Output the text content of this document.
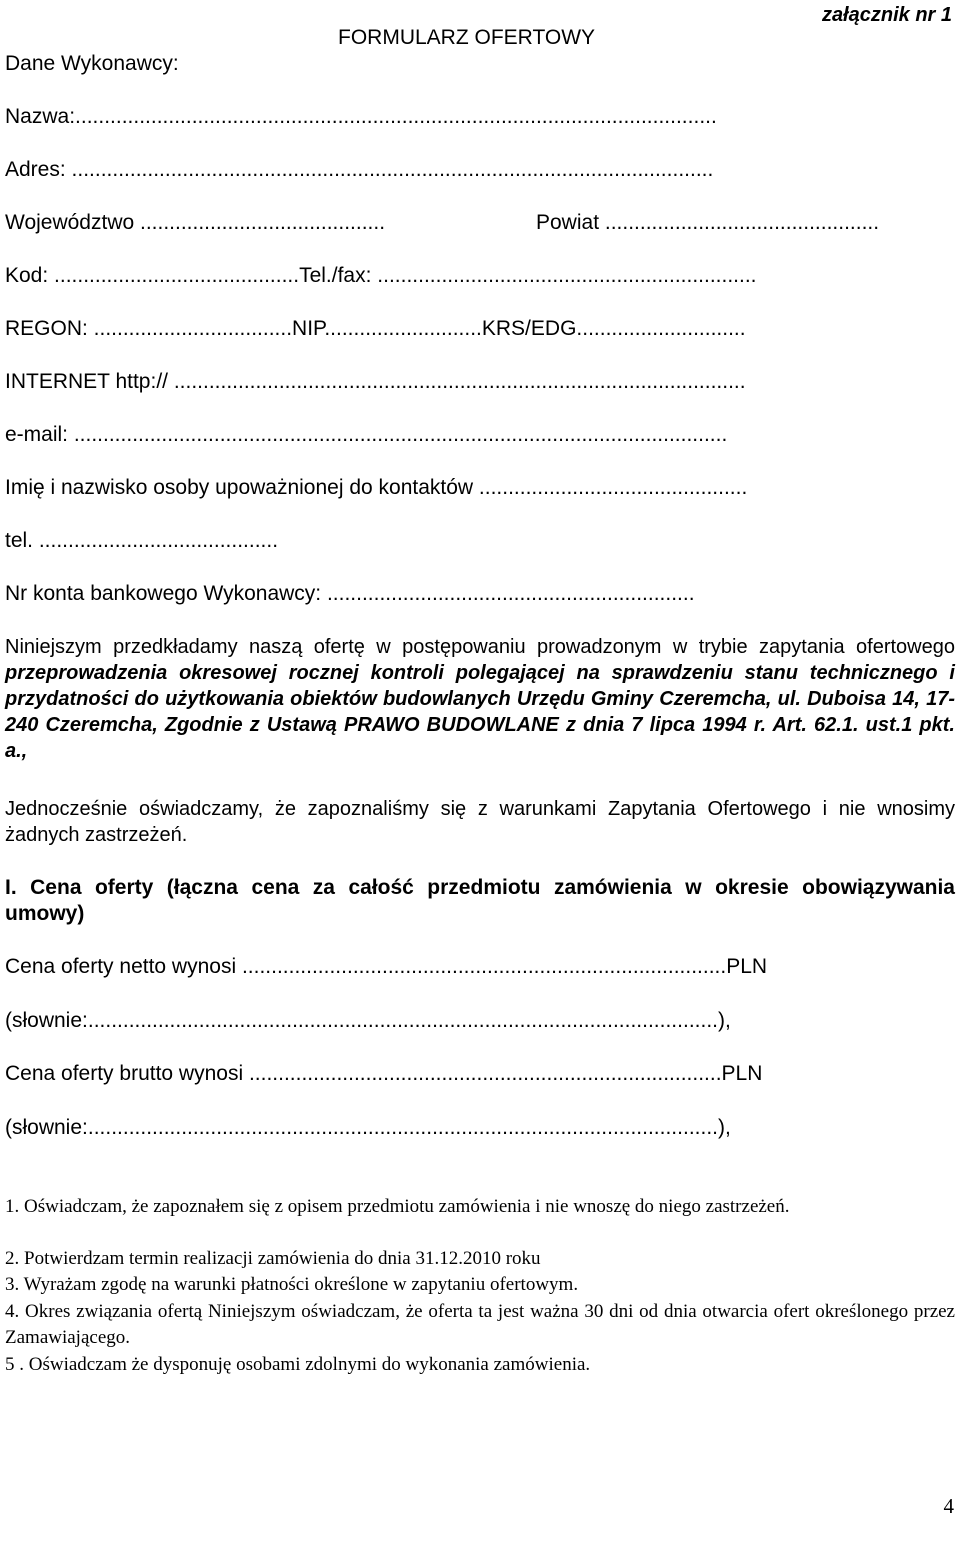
załącznik nr 1
FORMULARZ OFERTOWY
Dane Wykonawcy:
Nazwa:..............................................................................................................
Adres: ..............................................................................................................
Województwo ..........................................	Powiat ...............................................
Kod: ..........................................Tel./fax: .................................................................
REGON: ..................................NIP...........................KRS/EDG.............................
INTERNET http:// ..................................................................................................
e-mail: ................................................................................................................
Imię i nazwisko osoby upoważnionej do kontaktów ..............................................
tel. .........................................
Nr konta bankowego Wykonawcy: ...............................................................
Niniejszym przedkładamy naszą ofertę w postępowaniu prowadzonym w trybie zapytania ofertowego przeprowadzenia okresowej rocznej kontroli polegającej na sprawdzeniu stanu technicznego i przydatności do użytkowania obiektów budowlanych Urzędu Gminy Czeremcha, ul. Duboisa 14, 17-240 Czeremcha, Zgodnie z Ustawą PRAWO BUDOWLANE z dnia 7 lipca 1994 r. Art. 62.1. ust.1 pkt. a.,
Jednocześnie oświadczamy, że zapoznaliśmy się z warunkami Zapytania Ofertowego i nie wnosimy żadnych zastrzeżeń.
I. Cena oferty (łączna cena za całość przedmiotu zamówienia w okresie obowiązywania umowy)
Cena oferty netto wynosi ...................................................................................PLN
(słownie:............................................................................................................),
Cena oferty brutto wynosi .................................................................................PLN
(słownie:............................................................................................................),
1. Oświadczam, że zapoznałem się z opisem przedmiotu zamówienia i nie wnoszę do niego zastrzeżeń.
2. Potwierdzam termin realizacji zamówienia do dnia 31.12.2010 roku
3. Wyrażam zgodę na warunki płatności określone w zapytaniu ofertowym.
4. Okres związania ofertą Niniejszym oświadczam, że oferta ta jest ważna 30 dni od dnia otwarcia ofert określonego przez Zamawiającego.
5 . Oświadczam że dysponuję osobami zdolnymi do wykonania zamówienia.
4
